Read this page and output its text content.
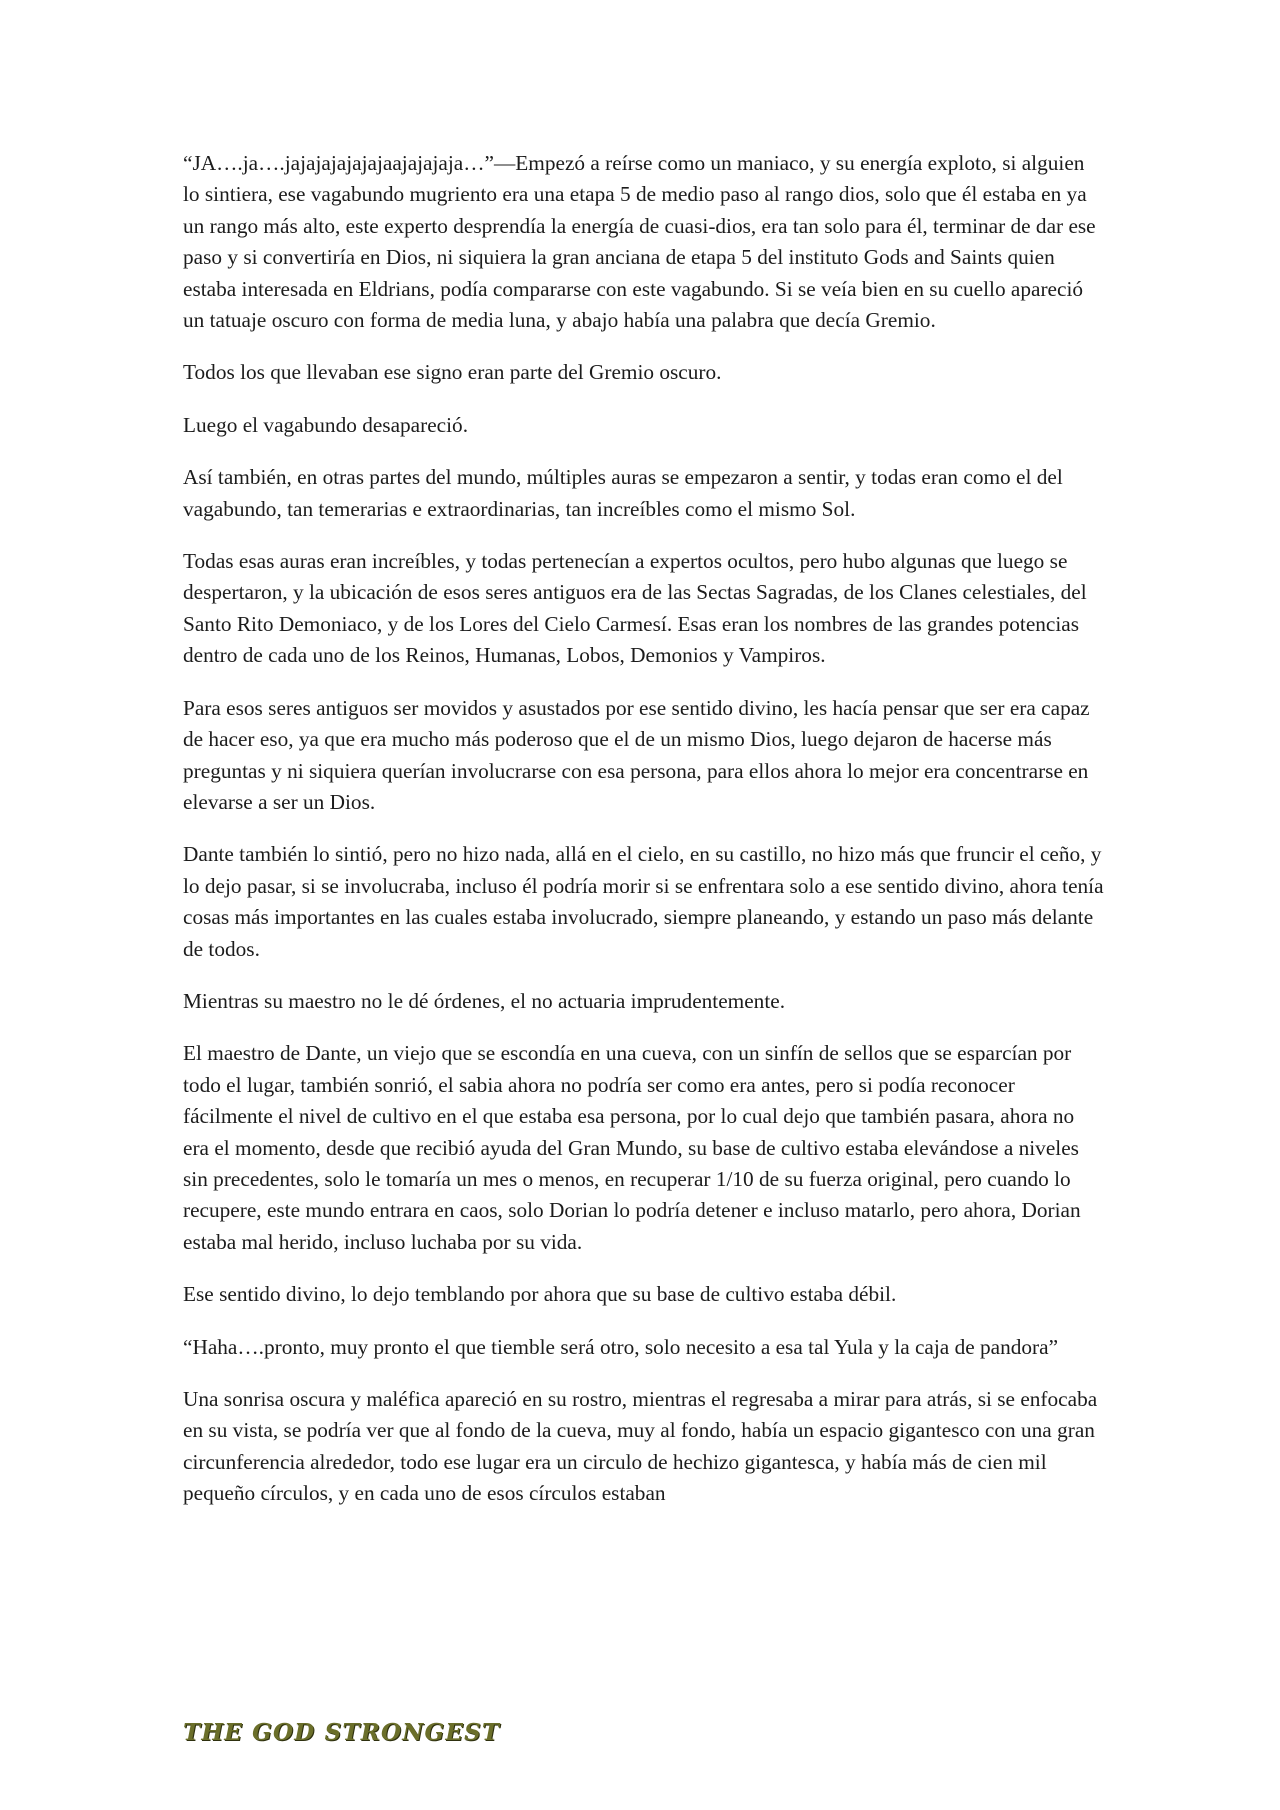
“JA….ja….jajajajajajajaajajajaja…”—Empezó a reírse como un maniaco, y su energía exploto, si alguien lo sintiera, ese vagabundo mugriento era una etapa 5 de medio paso al rango dios, solo que él estaba en ya un rango más alto, este experto desprendía la energía de cuasi-dios, era tan solo para él, terminar de dar ese paso y si convertiría en Dios, ni siquiera la gran anciana de etapa 5 del instituto Gods and Saints quien estaba interesada en Eldrians, podía compararse con este vagabundo. Si se veía bien en su cuello apareció un tatuaje oscuro con forma de media luna, y abajo había una palabra que decía Gremio.

Todos los que llevaban ese signo eran parte del Gremio oscuro.

Luego el vagabundo desapareció.

Así también, en otras partes del mundo, múltiples auras se empezaron a sentir, y todas eran como el del vagabundo, tan temerarias e extraordinarias, tan increíbles como el mismo Sol.

Todas esas auras eran increíbles, y todas pertenecían a expertos ocultos, pero hubo algunas que luego se despertaron, y la ubicación de esos seres antiguos era de las Sectas Sagradas, de los Clanes celestiales, del Santo Rito Demoniaco, y de los Lores del Cielo Carmesí. Esas eran los nombres de las grandes potencias dentro de cada uno de los Reinos, Humanas, Lobos, Demonios y Vampiros.

Para esos seres antiguos ser movidos y asustados por ese sentido divino, les hacía pensar que ser era capaz de hacer eso, ya que era mucho más poderoso que el de un mismo Dios, luego dejaron de hacerse más preguntas y ni siquiera querían involucrarse con esa persona, para ellos ahora lo mejor era concentrarse en elevarse a ser un Dios.

Dante también lo sintió, pero no hizo nada, allá en el cielo, en su castillo, no hizo más que fruncir el ceño, y lo dejo pasar, si se involucraba, incluso él podría morir si se enfrentara solo a ese sentido divino, ahora tenía cosas más importantes en las cuales estaba involucrado, siempre planeando, y estando un paso más delante de todos.

Mientras su maestro no le dé órdenes, el no actuaria imprudentemente.

El maestro de Dante, un viejo que se escondía en una cueva, con un sinfín de sellos que se esparcían por todo el lugar, también sonrió, el sabia ahora no podría ser como era antes, pero si podía reconocer fácilmente el nivel de cultivo en el que estaba esa persona, por lo cual dejo que también pasara, ahora no era el momento, desde que recibió ayuda del Gran Mundo, su base de cultivo estaba elevándose a niveles sin precedentes, solo le tomaría un mes o menos, en recuperar 1/10 de su fuerza original, pero cuando lo recupere, este mundo entrara en caos, solo Dorian lo podría detener e incluso matarlo, pero ahora, Dorian estaba mal herido, incluso luchaba por su vida.

Ese sentido divino, lo dejo temblando por ahora que su base de cultivo estaba débil.

“Haha….pronto, muy pronto el que tiemble será otro, solo necesito a esa tal Yula y la caja de pandora”

Una sonrisa oscura y maléfica apareció en su rostro, mientras el regresaba a mirar para atrás, si se enfocaba en su vista, se podría ver que al fondo de la cueva, muy al fondo, había un espacio gigantesco con una gran circunferencia alrededor, todo ese lugar era un circulo de hechizo gigantesca, y había más de cien mil pequeño círculos, y en cada uno de esos círculos estaban

THE GOD STRONGEST
